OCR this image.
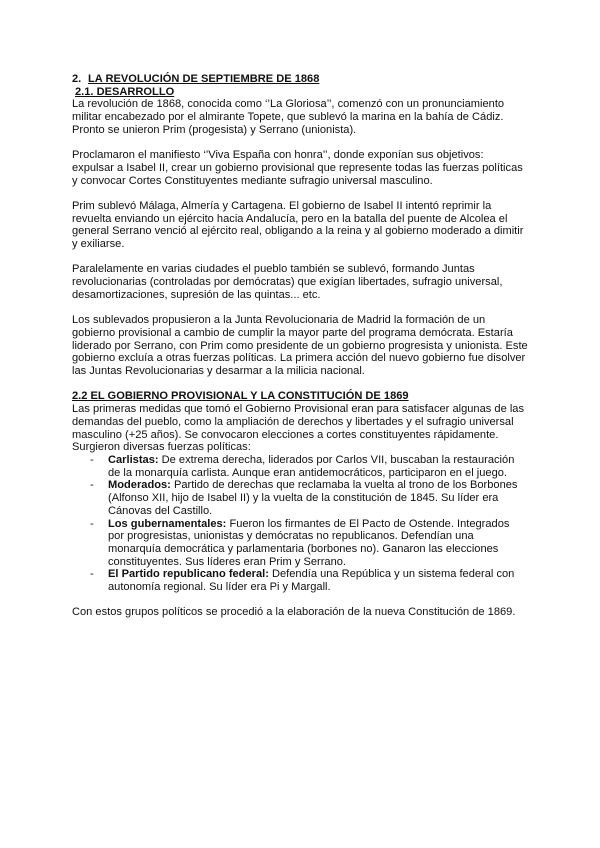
2. LA REVOLUCIÓN DE SEPTIEMBRE DE 1868
2.1. DESARROLLO

La revolución de 1868, conocida como ‘’La Gloriosa’’, comenzó con un pronunciamiento militar encabezado por el almirante Topete, que sublevó la marina en la bahía de Cádiz. Pronto se unieron Prim (progesista) y Serrano (unionista).

Proclamaron el manifiesto ‘’Viva España con honra’’, donde exponían sus objetivos: expulsar a Isabel II, crear un gobierno provisional que represente todas las fuerzas políticas y convocar Cortes Constituyentes mediante sufragio universal masculino.

Prim sublevó Málaga, Almería y Cartagena. El gobierno de Isabel II intentó reprimir la revuelta enviando un ejército hacia Andalucía, pero en la batalla del puente de Alcolea el general Serrano venció al ejército real, obligando a la reina y al gobierno moderado a dimitir y exiliarse.

Paralelamente en varias ciudades el pueblo también se sublevó, formando Juntas revolucionarias (controladas por demócratas) que exigían libertades, sufragio universal, desamortizaciones, supresión de las quintas... etc.

Los sublevados propusieron a la Junta Revolucionaria de Madrid la formación de un gobierno provisional a cambio de cumplir la mayor parte del programa demócrata. Estaría liderado por Serrano, con Prim como presidente de un gobierno progresista y unionista. Este gobierno excluía a otras fuerzas políticas. La primera acción del nuevo gobierno fue disolver las Juntas Revolucionarias y desarmar a la milicia nacional.

2.2 EL GOBIERNO PROVISIONAL Y LA CONSTITUCIÓN DE 1869

Las primeras medidas que tomó el Gobierno Provisional eran para satisfacer algunas de las demandas del pueblo, como la ampliación de derechos y libertades y el sufragio universal masculino (+25 años). Se convocaron elecciones a cortes constituyentes rápidamente. Surgieron diversas fuerzas políticas:

- Carlistas: De extrema derecha, liderados por Carlos VII, buscaban la restauración de la monarquía carlista. Aunque eran antidemocráticos, participaron en el juego.
- Moderados: Partido de derechas que reclamaba la vuelta al trono de los Borbones (Alfonso XII, hijo de Isabel II) y la vuelta de la constitución de 1845. Su líder era Cánovas del Castillo.
- Los gubernamentales: Fueron los firmantes de El Pacto de Ostende. Integrados por progresistas, unionistas y demócratas no republicanos. Defendían una monarquía democrática y parlamentaria (borbones no). Ganaron las elecciones constituyentes. Sus líderes eran Prim y Serrano.
- El Partido republicano federal: Defendía una República y un sistema federal con autonomía regional. Su líder era Pi y Margall.

Con estos grupos políticos se procedió a la elaboración de la nueva Constitución de 1869.
